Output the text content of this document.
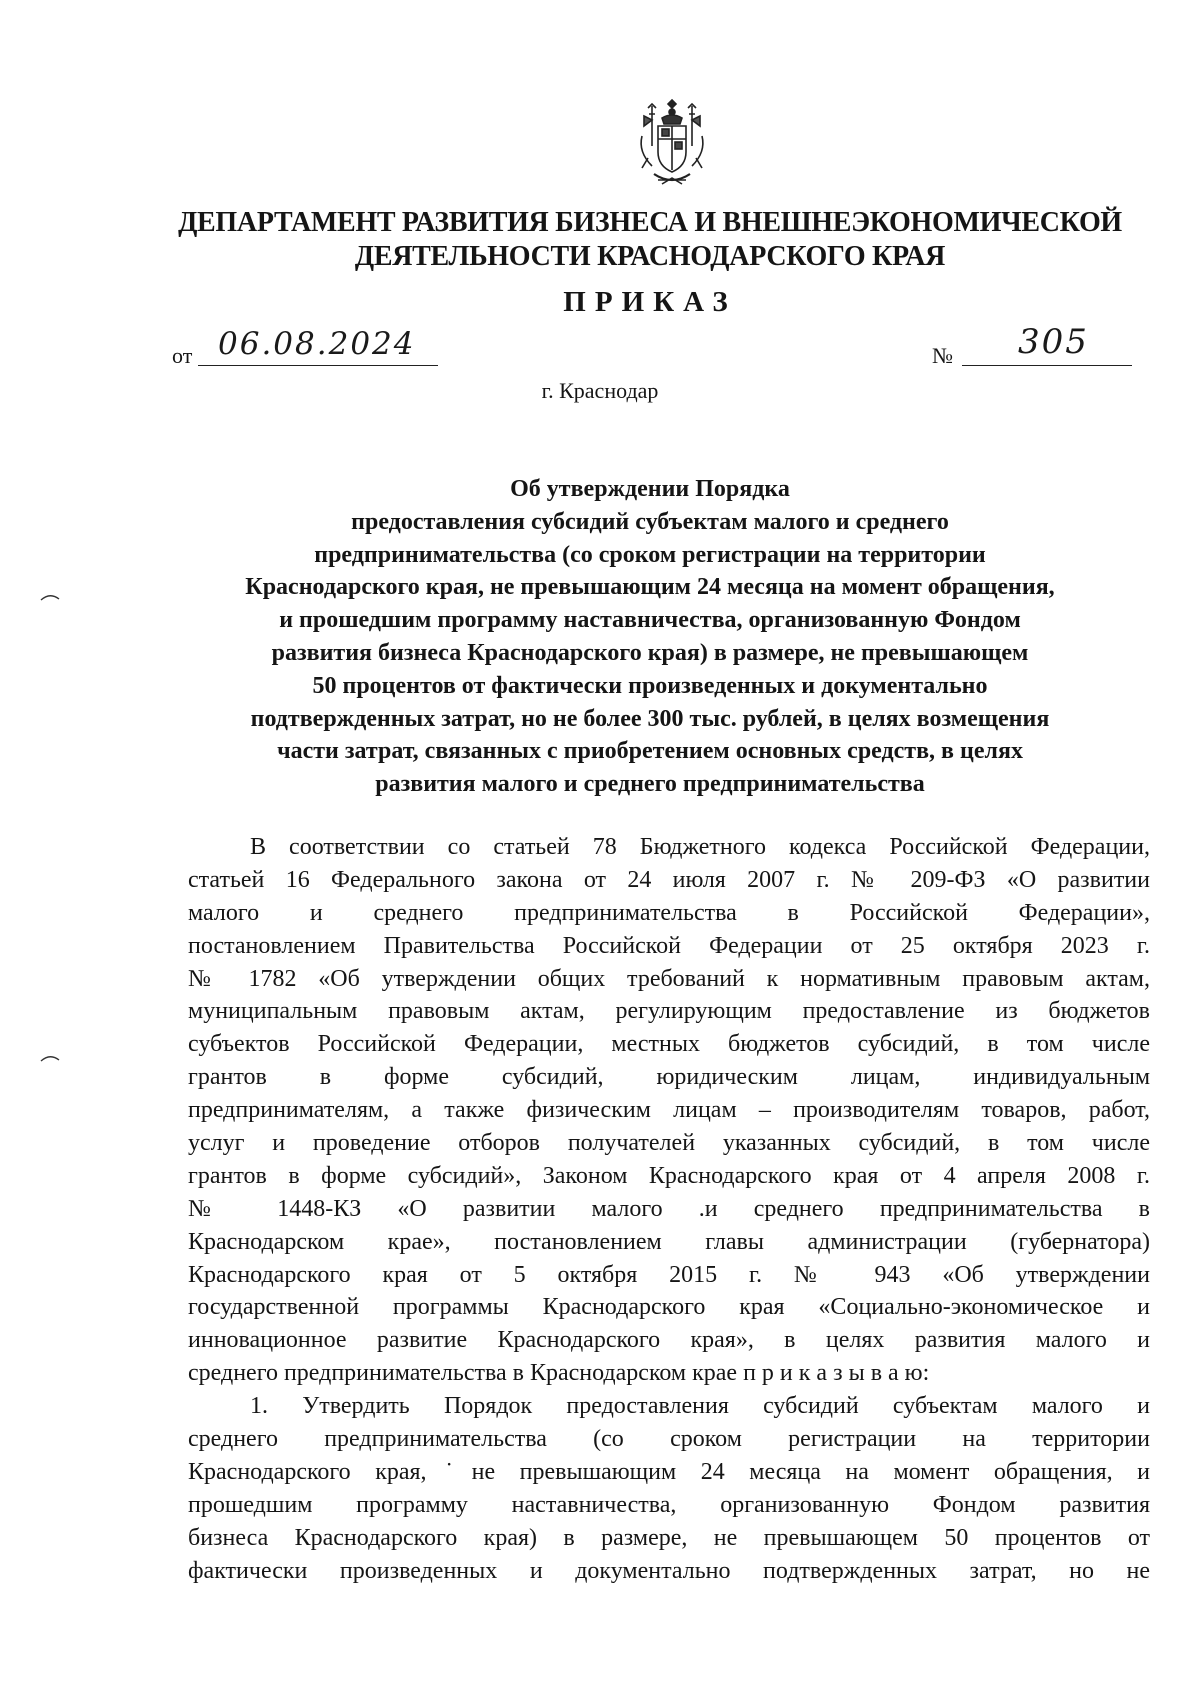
ДЕПАРТАМЕНТ РАЗВИТИЯ БИЗНЕСА И ВНЕШНЕЭКОНОМИЧЕСКОЙ
ДЕЯТЕЛЬНОСТИ КРАСНОДАРСКОГО КРАЯ
ПРИКАЗ
от 06.08.2024	№	305
г. Краснодар
Об утверждении Порядка
предоставления субсидий субъектам малого и среднего
предпринимательства (со сроком регистрации на территории
Краснодарского края, не превышающим 24 месяца на момент обращения,
и прошедшим программу наставничества, организованную Фондом
развития бизнеса Краснодарского края) в размере, не превышающем
50 процентов от фактически произведенных и документально
подтвержденных затрат, но не более 300 тыс. рублей, в целях возмещения
части затрат, связанных с приобретением основных средств, в целях
развития малого и среднего предпринимательства
В соответствии со статьей 78 Бюджетного кодекса Российской Федерации,
статьей 16 Федерального закона от 24 июля 2007 г. № 209-ФЗ «О развитии
малого и среднего предпринимательства в Российской Федерации»,
постановлением Правительства Российской Федерации от 25 октября 2023 г.
№ 1782 «Об утверждении общих требований к нормативным правовым актам,
муниципальным правовым актам, регулирующим предоставление из бюджетов
субъектов Российской Федерации, местных бюджетов субсидий, в том числе
грантов в форме субсидий, юридическим лицам, индивидуальным
предпринимателям, а также физическим лицам – производителям товаров, работ,
услуг и проведение отборов получателей указанных субсидий, в том числе
грантов в форме субсидий», Законом Краснодарского края от 4 апреля 2008 г.
№ 1448-КЗ «О развитии малого .и среднего предпринимательства в
Краснодарском крае», постановлением главы администрации (губернатора)
Краснодарского края от 5 октября 2015 г. № 943 «Об утверждении
государственной программы Краснодарского края «Социально-экономическое и
инновационное развитие Краснодарского края», в целях развития малого и
среднего предпринимательства в Краснодарском крае п р и к а з ы в а ю:
1. Утвердить Порядок предоставления субсидий субъектам малого и
среднего предпринимательства (со сроком регистрации на территории
Краснодарского края,˙не превышающим 24 месяца на момент обращения, и
прошедшим программу наставничества, организованную Фондом развития
бизнеса Краснодарского края) в размере, не превышающем 50 процентов от
фактически произведенных и документально подтвержденных затрат, но не
